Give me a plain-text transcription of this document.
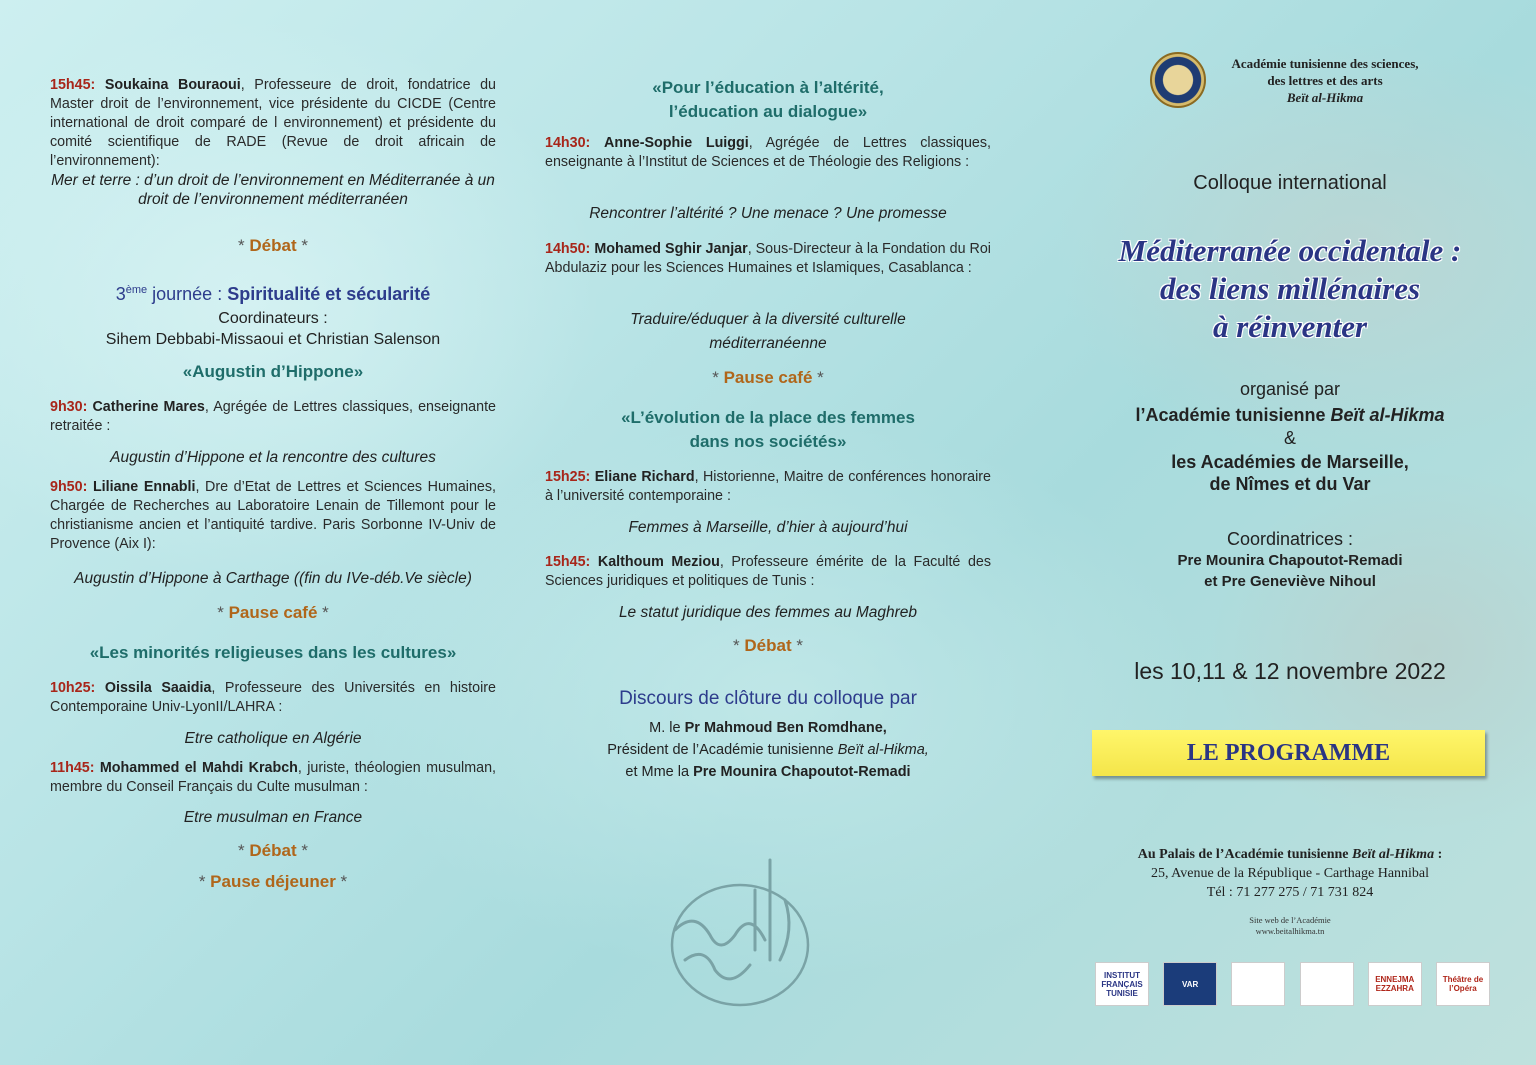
15h45: Soukaina Bouraoui, Professeure de droit, fondatrice du Master droit de l’environnement, vice présidente du CICDE (Centre international de droit comparé de l environnement) et présidente du comité scientifique de RADE (Revue de droit africain de l’environnement):
Mer et terre : d’un droit de l’environnement en Méditerranée à un droit de l’environnement méditerranéen
* Débat *
3ème journée : Spiritualité et sécularité
Coordinateurs :
Sihem Debbabi-Missaoui et Christian Salenson
«Augustin d’Hippone»
9h30: Catherine Mares, Agrégée de Lettres classiques, enseignante retraitée :
Augustin d’Hippone et la rencontre des cultures
9h50: Liliane Ennabli, Dre d’Etat de Lettres et Sciences Humaines, Chargée de Recherches au Laboratoire Lenain de Tillemont pour le christianisme ancien et l’antiquité tardive. Paris Sorbonne IV-Univ de Provence (Aix I):
Augustin d’Hippone à Carthage ((fin du IVe-déb.Ve siècle)
* Pause café *
«Les minorités religieuses dans les cultures»
10h25: Oissila Saaidia, Professeure des Universités en histoire Contemporaine Univ-LyonII/LAHRA :
Etre catholique en Algérie
11h45: Mohammed el Mahdi Krabch, juriste, théologien musulman, membre du Conseil Français du Culte musulman :
Etre musulman en France
* Débat *
* Pause déjeuner *
«Pour l’éducation à l’altérité,
l’éducation au dialogue»
14h30: Anne-Sophie Luiggi, Agrégée de Lettres classiques, enseignante à l’Institut de Sciences et de Théologie des Religions :
Rencontrer l’altérité ? Une menace ? Une promesse
14h50: Mohamed Sghir Janjar, Sous-Directeur à la Fondation du Roi Abdulaziz pour les Sciences Humaines et Islamiques, Casablanca :
Traduire/éduquer à la diversité culturelle
méditerranéenne
* Pause café *
«L’évolution de la place des femmes
dans nos sociétés»
15h25: Eliane Richard, Historienne, Maitre de conférences honoraire à l’université contemporaine :
Femmes à Marseille, d’hier à aujourd’hui
15h45: Kalthoum Meziou, Professeure émérite de la Faculté des Sciences juridiques et politiques de Tunis :
Le statut juridique des femmes au Maghreb
* Débat *
Discours de clôture du colloque par
M. le Pr Mahmoud Ben Romdhane,
Président de l’Académie tunisienne Beït al-Hikma,
et Mme la Pre Mounira Chapoutot-Remadi
Académie tunisienne des sciences,
des lettres et des arts
Beït al-Hikma
Colloque international
Méditerranée occidentale :
des liens millénaires
à réinventer
organisé par
l’Académie tunisienne Beït al-Hikma
&
les Académies de Marseille,
de Nîmes et du Var
Coordinatrices :
Pre Mounira Chapoutot-Remadi
et Pre Geneviève Nihoul
les 10,11 & 12 novembre 2022
LE PROGRAMME
Au Palais de l’Académie tunisienne Beït al-Hikma :
25, Avenue de la République - Carthage Hannibal
Tél : 71 277 275 / 71 731 824
Site web de l’Académie
www.beitalhikma.tn
INSTITUT FRANÇAIS TUNISIE
VAR	ENNEJMA EZZAHRA
Théâtre de l’Opéra
